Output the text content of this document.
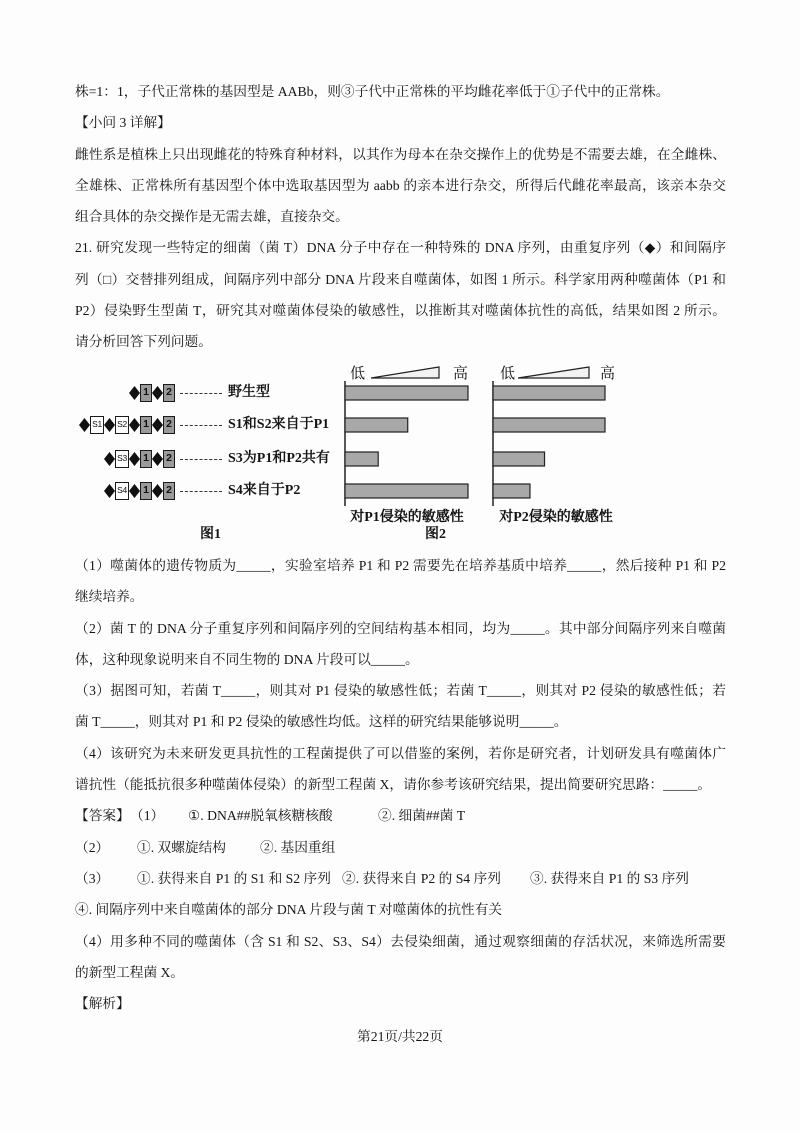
株=1：1，子代正常株的基因型是 AABb，则③子代中正常株的平均雌花率低于①子代中的正常株。
【小问 3 详解】
雌性系是植株上只出现雌花的特殊育种材料，以其作为母本在杂交操作上的优势是不需要去雄，在全雌株、
全雄株、正常株所有基因型个体中选取基因型为 aabb 的亲本进行杂交，所得后代雌花率最高，该亲本杂交
组合具体的杂交操作是无需去雄，直接杂交。
21. 研究发现一些特定的细菌（菌 T）DNA 分子中存在一种特殊的 DNA 序列，由重复序列（◆）和间隔序
列（□）交替排列组成，间隔序列中部分 DNA 片段来自噬菌体，如图 1 所示。科学家用两种噬菌体（P1 和
P2）侵染野生型菌 T，研究其对噬菌体侵染的敏感性，以推断其对噬菌体抗性的高低，结果如图 2 所示。
请分析回答下列问题。
1 2	野生型
S1 S2 1 2	S1和S2来自于P1
S3 1 2	S3为P1和P2共有
S4 1 2	S4来自于P2
图1
低	高
对P1侵染的敏感性
低	高
对P2侵染的敏感性
图2
（1）噬菌体的遗传物质为_____，实验室培养 P1 和 P2 需要先在培养基质中培养_____，然后接种 P1 和 P2
继续培养。
（2）菌 T 的 DNA 分子重复序列和间隔序列的空间结构基本相同，均为_____。其中部分间隔序列来自噬菌
体，这种现象说明来自不同生物的 DNA 片段可以_____。
（3）据图可知，若菌 T_____，则其对 P1 侵染的敏感性低；若菌 T_____，则其对 P2 侵染的敏感性低；若
菌 T_____，则其对 P1 和 P2 侵染的敏感性均低。这样的研究结果能够说明_____。
（4）该研究为未来研发更具抗性的工程菌提供了可以借鉴的案例，若你是研究者，计划研发具有噬菌体广
谱抗性（能抵抗很多种噬菌体侵染）的新型工程菌 X，请你参考该研究结果，提出简要研究思路：_____。
【答案】 （1） ①. DNA##脱氧核糖核酸	②. 细菌##菌 T
（2） ①. 双螺旋结构 ②. 基因重组
（3） ①. 获得来自 P1 的 S1 和 S2 序列 ②. 获得来自 P2 的 S4 序列 ③. 获得来自 P1 的 S3 序列
④. 间隔序列中来自噬菌体的部分 DNA 片段与菌 T 对噬菌体的抗性有关
（4）用多种不同的噬菌体（含 S1 和 S2、S3、S4）去侵染细菌，通过观察细菌的存活状况，来筛选所需要
的新型工程菌 X。
【解析】
第21页/共22页
